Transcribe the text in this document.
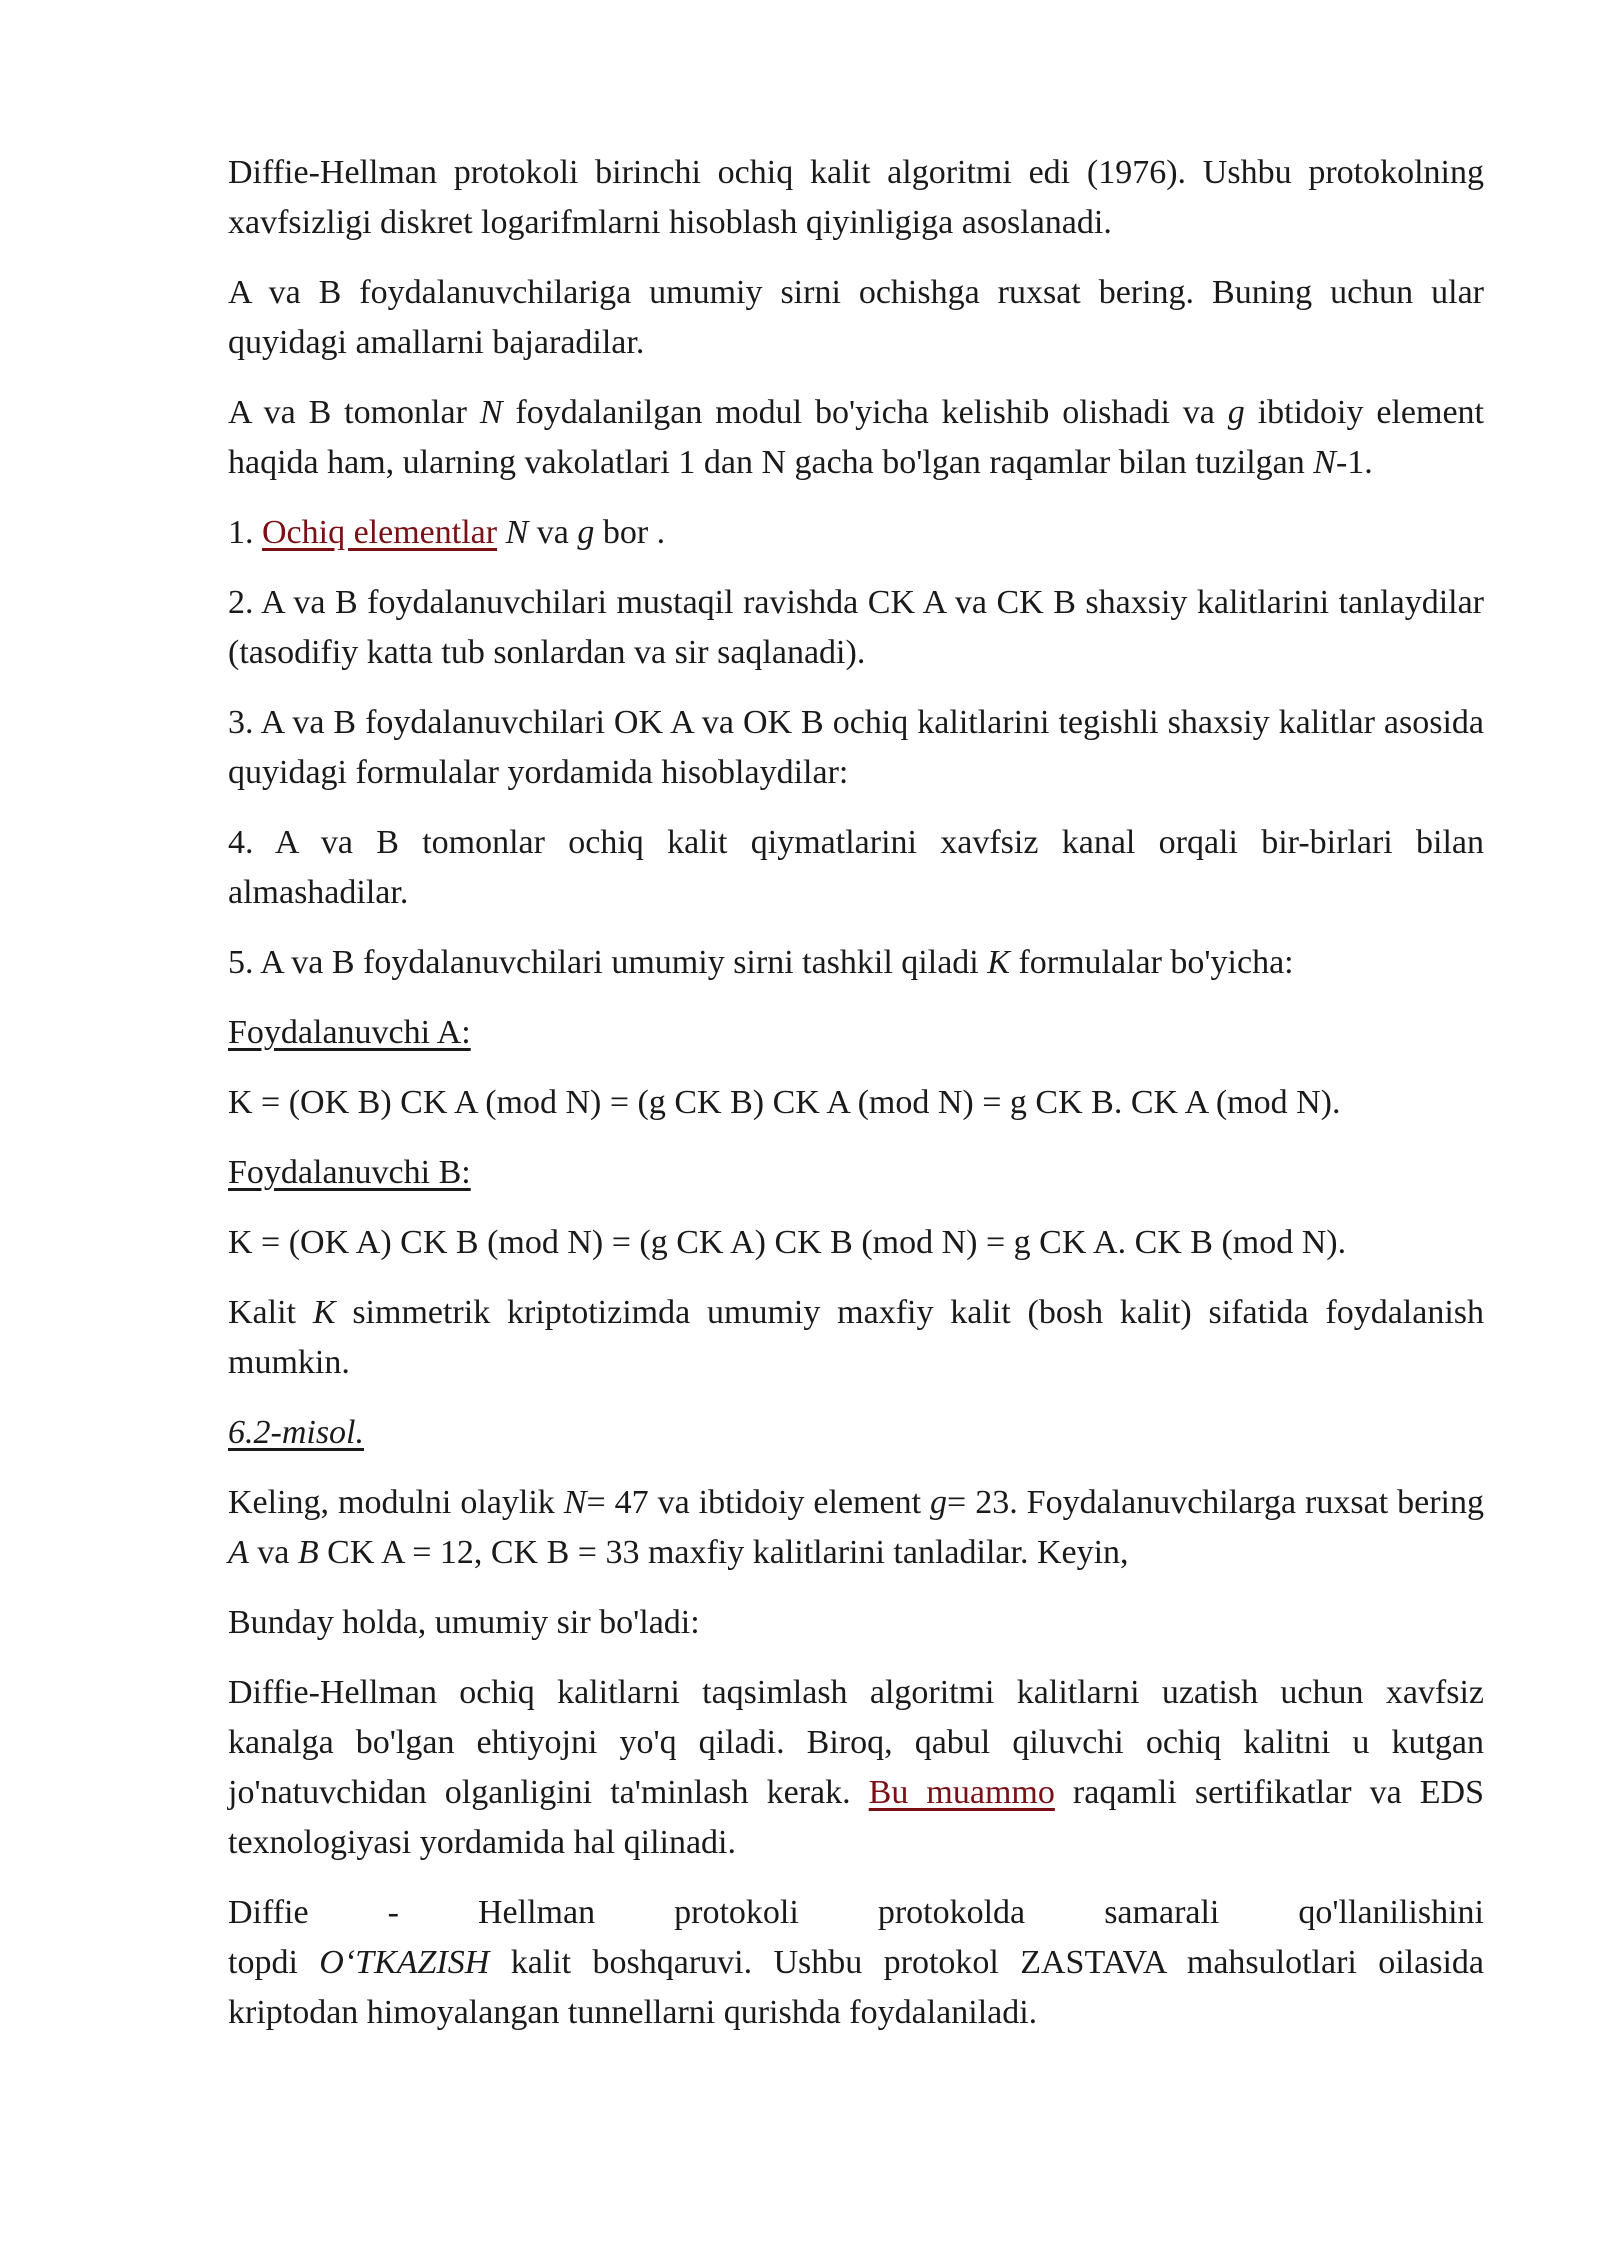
Diffie-Hellman protokoli birinchi ochiq kalit algoritmi edi (1976). Ushbu protokolning xavfsizligi diskret logarifmlarni hisoblash qiyinligiga asoslanadi.

A va B foydalanuvchilariga umumiy sirni ochishga ruxsat bering. Buning uchun ular quyidagi amallarni bajaradilar.

A va B tomonlar N foydalanilgan modul bo'yicha kelishib olishadi va g ibtidoiy element haqida ham, ularning vakolatlari 1 dan N gacha bo'lgan raqamlar bilan tuzilgan N-1.

1. Ochiq elementlar N va g bor .

2. A va B foydalanuvchilari mustaqil ravishda CK A va CK B shaxsiy kalitlarini tanlaydilar (tasodifiy katta tub sonlardan va sir saqlanadi).

3. A va B foydalanuvchilari OK A va OK B ochiq kalitlarini tegishli shaxsiy kalitlar asosida quyidagi formulalar yordamida hisoblaydilar:

4. A va B tomonlar ochiq kalit qiymatlarini xavfsiz kanal orqali bir-birlari bilan almashadilar.

5. A va B foydalanuvchilari umumiy sirni tashkil qiladi K formulalar bo'yicha:

Foydalanuvchi A:

K = (OK B) CK A (mod N) = (g CK B) CK A (mod N) = g CK B. CK A (mod N).

Foydalanuvchi B:

K = (OK A) CK B (mod N) = (g CK A) CK B (mod N) = g CK A. CK B (mod N).

Kalit K simmetrik kriptotizimda umumiy maxfiy kalit (bosh kalit) sifatida foydalanish mumkin.

6.2-misol.

Keling, modulni olaylik N= 47 va ibtidoiy element g= 23. Foydalanuvchilarga ruxsat bering A va B CK A = 12, CK B = 33 maxfiy kalitlarini tanladilar. Keyin,

Bunday holda, umumiy sir bo'ladi:

Diffie-Hellman ochiq kalitlarni taqsimlash algoritmi kalitlarni uzatish uchun xavfsiz kanalga bo'lgan ehtiyojni yo'q qiladi. Biroq, qabul qiluvchi ochiq kalitni u kutgan jo'natuvchidan olganligini ta'minlash kerak. Bu muammo raqamli sertifikatlar va EDS texnologiyasi yordamida hal qilinadi.

Diffie - Hellman protokoli protokolda samarali qo'llanilishini

topdi O‘TKAZISH kalit boshqaruvi. Ushbu protokol ZASTAVA mahsulotlari oilasida kriptodan himoyalangan tunnellarni qurishda foydalaniladi.
